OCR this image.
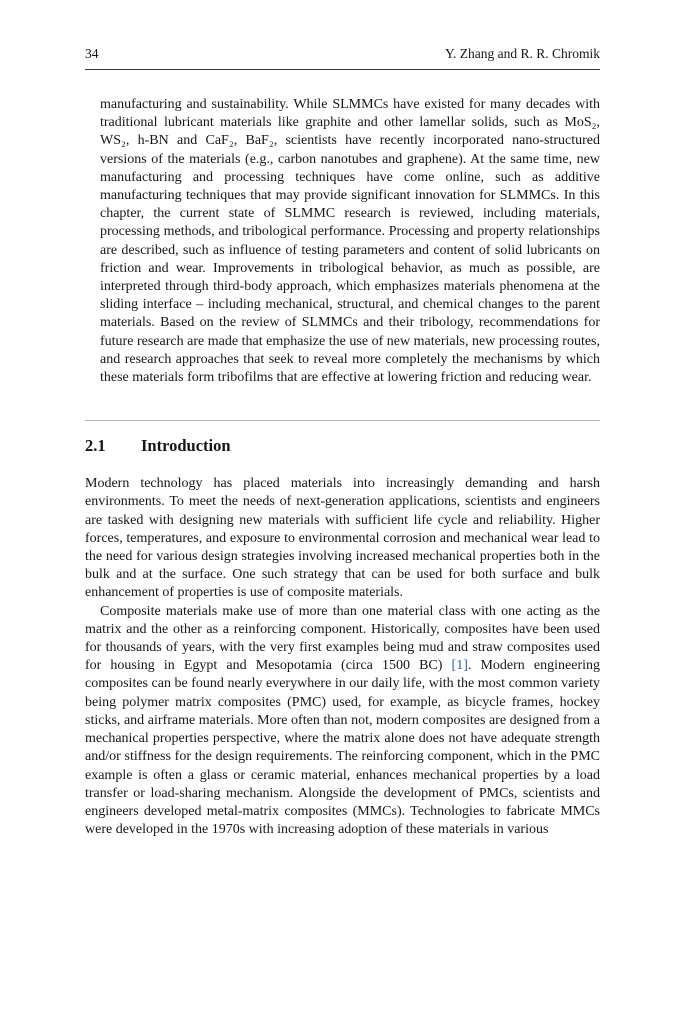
34	Y. Zhang and R. R. Chromik

manufacturing and sustainability. While SLMMCs have existed for many decades with traditional lubricant materials like graphite and other lamellar solids, such as MoS₂, WS₂, h-BN and CaF₂, BaF₂, scientists have recently incorporated nano-structured versions of the materials (e.g., carbon nanotubes and graphene). At the same time, new manufacturing and processing techniques have come online, such as additive manufacturing techniques that may provide significant innovation for SLMMCs. In this chapter, the current state of SLMMC research is reviewed, including materials, processing methods, and tribological performance. Processing and property relationships are described, such as influence of testing parameters and content of solid lubricants on friction and wear. Improvements in tribological behavior, as much as possible, are interpreted through third-body approach, which emphasizes materials phenomena at the sliding interface – including mechanical, structural, and chemical changes to the parent materials. Based on the review of SLMMCs and their tribology, recommendations for future research are made that emphasize the use of new materials, new processing routes, and research approaches that seek to reveal more completely the mechanisms by which these materials form tribofilms that are effective at lowering friction and reducing wear.

2.1 Introduction

Modern technology has placed materials into increasingly demanding and harsh environments. To meet the needs of next-generation applications, scientists and engineers are tasked with designing new materials with sufficient life cycle and reliability. Higher forces, temperatures, and exposure to environmental corrosion and mechanical wear lead to the need for various design strategies involving increased mechanical properties both in the bulk and at the surface. One such strategy that can be used for both surface and bulk enhancement of properties is use of composite materials.

Composite materials make use of more than one material class with one acting as the matrix and the other as a reinforcing component. Historically, composites have been used for thousands of years, with the very first examples being mud and straw composites used for housing in Egypt and Mesopotamia (circa 1500 BC) [1]. Modern engineering composites can be found nearly everywhere in our daily life, with the most common variety being polymer matrix composites (PMC) used, for example, as bicycle frames, hockey sticks, and airframe materials. More often than not, modern composites are designed from a mechanical properties perspective, where the matrix alone does not have adequate strength and/or stiffness for the design requirements. The reinforcing component, which in the PMC example is often a glass or ceramic material, enhances mechanical properties by a load transfer or load-sharing mechanism. Alongside the development of PMCs, scientists and engineers developed metal-matrix composites (MMCs). Technologies to fabricate MMCs were developed in the 1970s with increasing adoption of these materials in various
